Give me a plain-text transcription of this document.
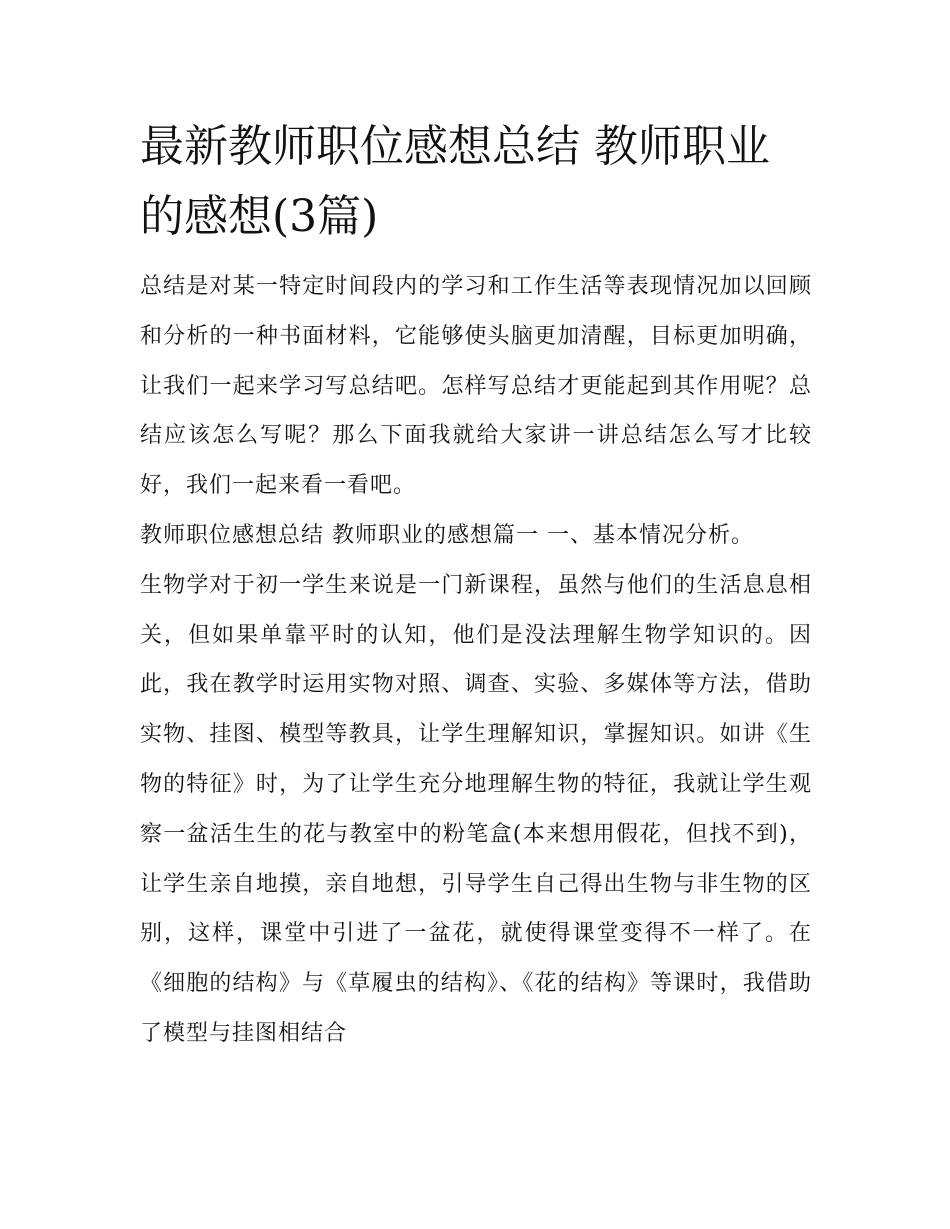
最新教师职位感想总结 教师职业的感想(3篇)

总结是对某一特定时间段内的学习和工作生活等表现情况加以回顾和分析的一种书面材料，它能够使头脑更加清醒，目标更加明确，让我们一起来学习写总结吧。怎样写总结才更能起到其作用呢？总结应该怎么写呢？那么下面我就给大家讲一讲总结怎么写才比较好，我们一起来看一看吧。

教师职位感想总结 教师职业的感想篇一 一、基本情况分析。

生物学对于初一学生来说是一门新课程，虽然与他们的生活息息相关，但如果单靠平时的认知，他们是没法理解生物学知识的。因此，我在教学时运用实物对照、调查、实验、多媒体等方法，借助实物、挂图、模型等教具，让学生理解知识，掌握知识。如讲《生物的特征》时，为了让学生充分地理解生物的特征，我就让学生观察一盆活生生的花与教室中的粉笔盒(本来想用假花，但找不到)，让学生亲自地摸，亲自地想，引导学生自己得出生物与非生物的区别，这样，课堂中引进了一盆花，就使得课堂变得不一样了。在《细胞的结构》与《草履虫的结构》、《花的结构》等课时，我借助了模型与挂图相结合
